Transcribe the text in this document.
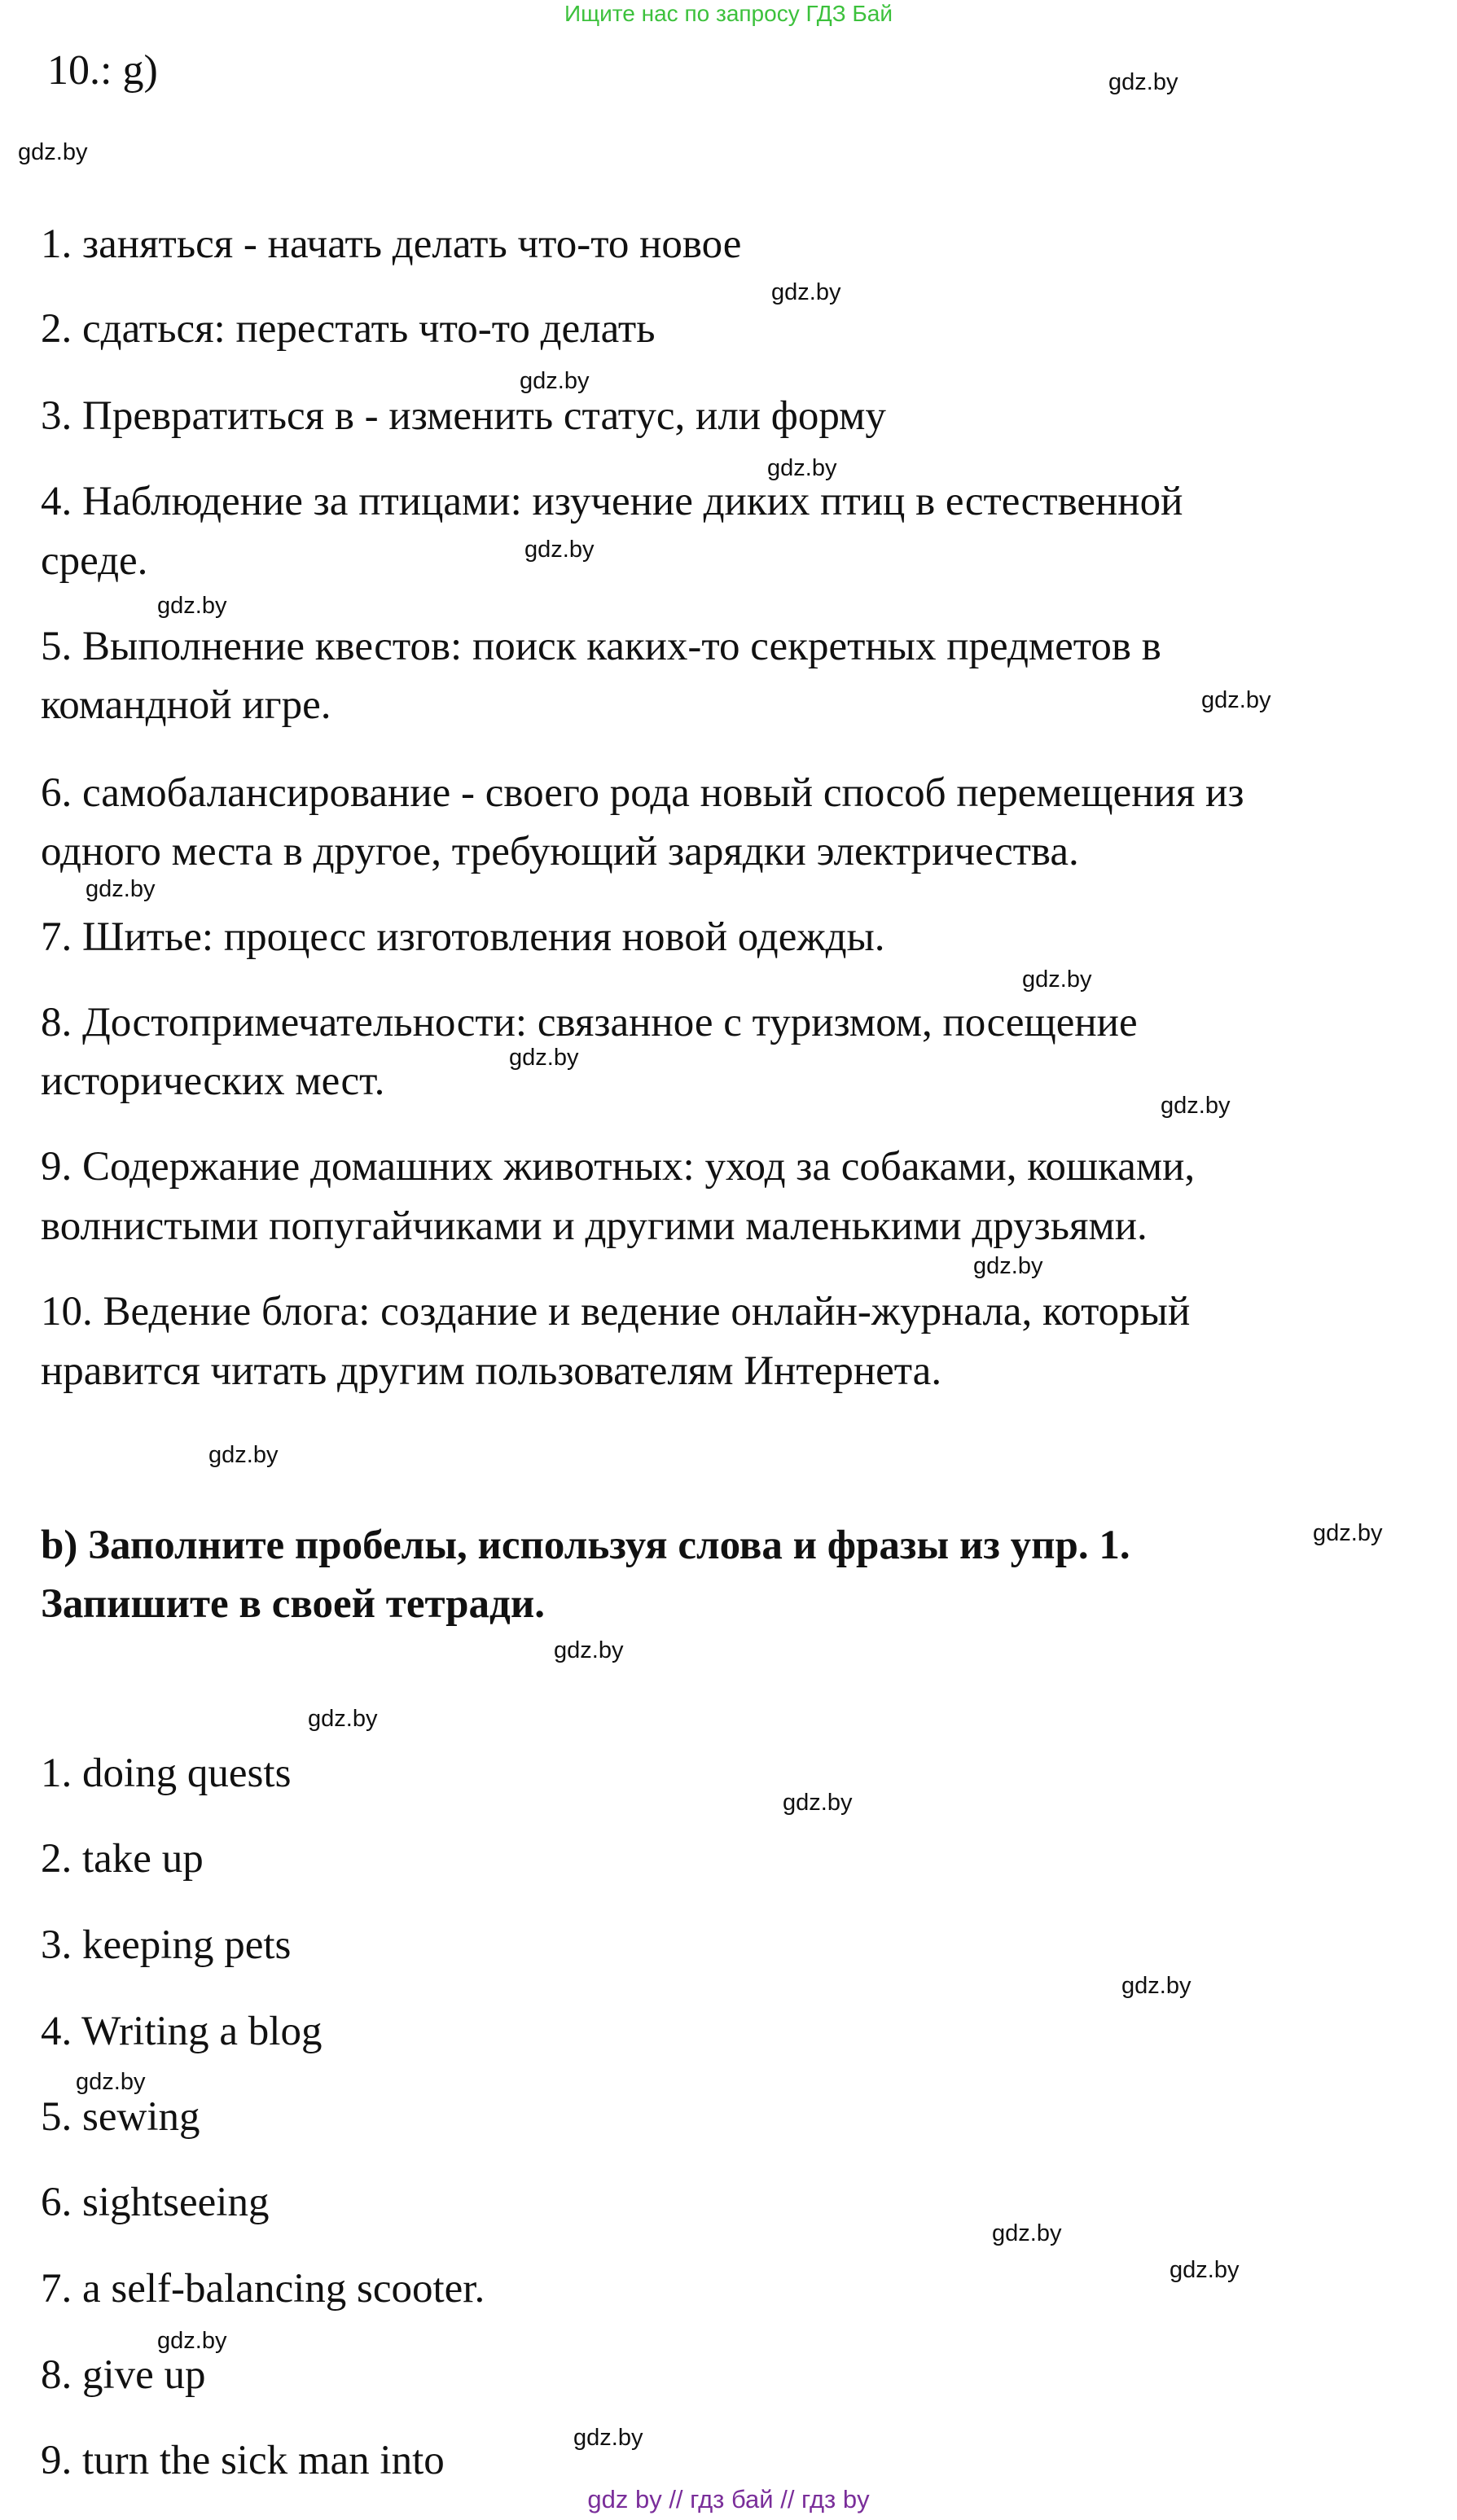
Ищите нас по запросу ГДЗ Бай
10.: g)
1. заняться - начать делать что-то новое
2. сдаться: перестать что-то делать
3. Превратиться в - изменить статус, или форму
4. Наблюдение за птицами: изучение диких птиц в естественной
среде.
5. Выполнение квестов: поиск каких-то секретных предметов в
командной игре.
6. самобалансирование - своего рода новый способ перемещения из
одного места в другое, требующий зарядки электричества.
7. Шитье: процесс изготовления новой одежды.
8. Достопримечательности: связанное с туризмом, посещение
исторических мест.
9. Содержание домашних животных: уход за собаками, кошками,
волнистыми попугайчиками и другими маленькими друзьями.
10. Ведение блога: создание и ведение онлайн-журнала, который
нравится читать другим пользователям Интернета.
b) Заполните пробелы, используя слова и фразы из упр. 1.
Запишите в своей тетради.
1. doing quests
2. take up
3. keeping pets
4. Writing a blog
5. sewing
6. sightseeing
7. a self-balancing scooter.
8. give up
9. turn the sick man into
gdz.by
gdz.by
gdz.by
gdz.by
gdz.by
gdz.by
gdz.by
gdz.by
gdz.by
gdz.by
gdz.by
gdz.by
gdz.by
gdz.by
gdz.by
gdz.by
gdz.by
gdz.by
gdz.by
gdz.by
gdz.by
gdz.by
gdz.by
gdz.by
gdz by // гдз бай // гдз by
